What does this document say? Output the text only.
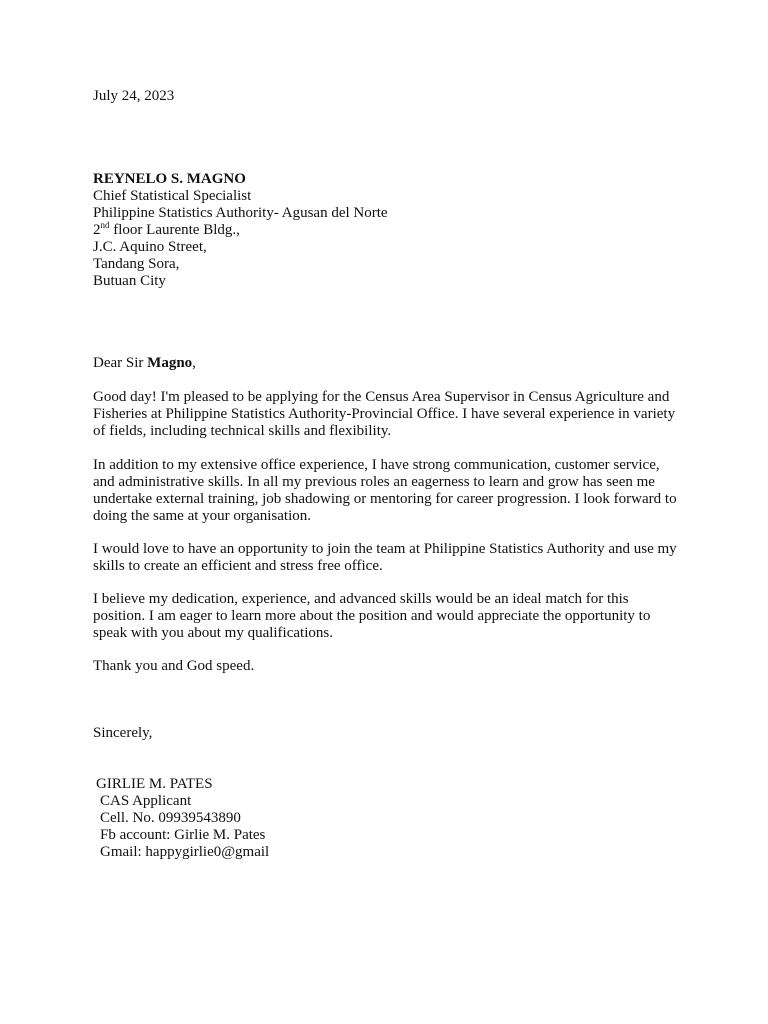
July 24, 2023
REYNELO S. MAGNO
Chief Statistical Specialist
Philippine Statistics Authority- Agusan del Norte
2nd floor Laurente Bldg.,
J.C. Aquino Street,
Tandang Sora,
Butuan City
Dear Sir Magno,

Good day! I'm pleased to be applying for the Census Area Supervisor in Census Agriculture and Fisheries at Philippine Statistics Authority-Provincial Office. I have several experience in variety of fields, including technical skills and flexibility.

In addition to my extensive office experience, I have strong communication, customer service, and administrative skills. In all my previous roles an eagerness to learn and grow has seen me undertake external training, job shadowing or mentoring for career progression. I look forward to doing the same at your organisation.

I would love to have an opportunity to join the team at Philippine Statistics Authority and use my skills to create an efficient and stress free office.

I believe my dedication, experience, and advanced skills would be an ideal match for this position. I am eager to learn more about the position and would appreciate the opportunity to speak with you about my qualifications.

Thank you and God speed.
Sincerely,
GIRLIE M. PATES
CAS Applicant
Cell. No. 09939543890
Fb account: Girlie M. Pates
Gmail: happygirlie0@gmail
